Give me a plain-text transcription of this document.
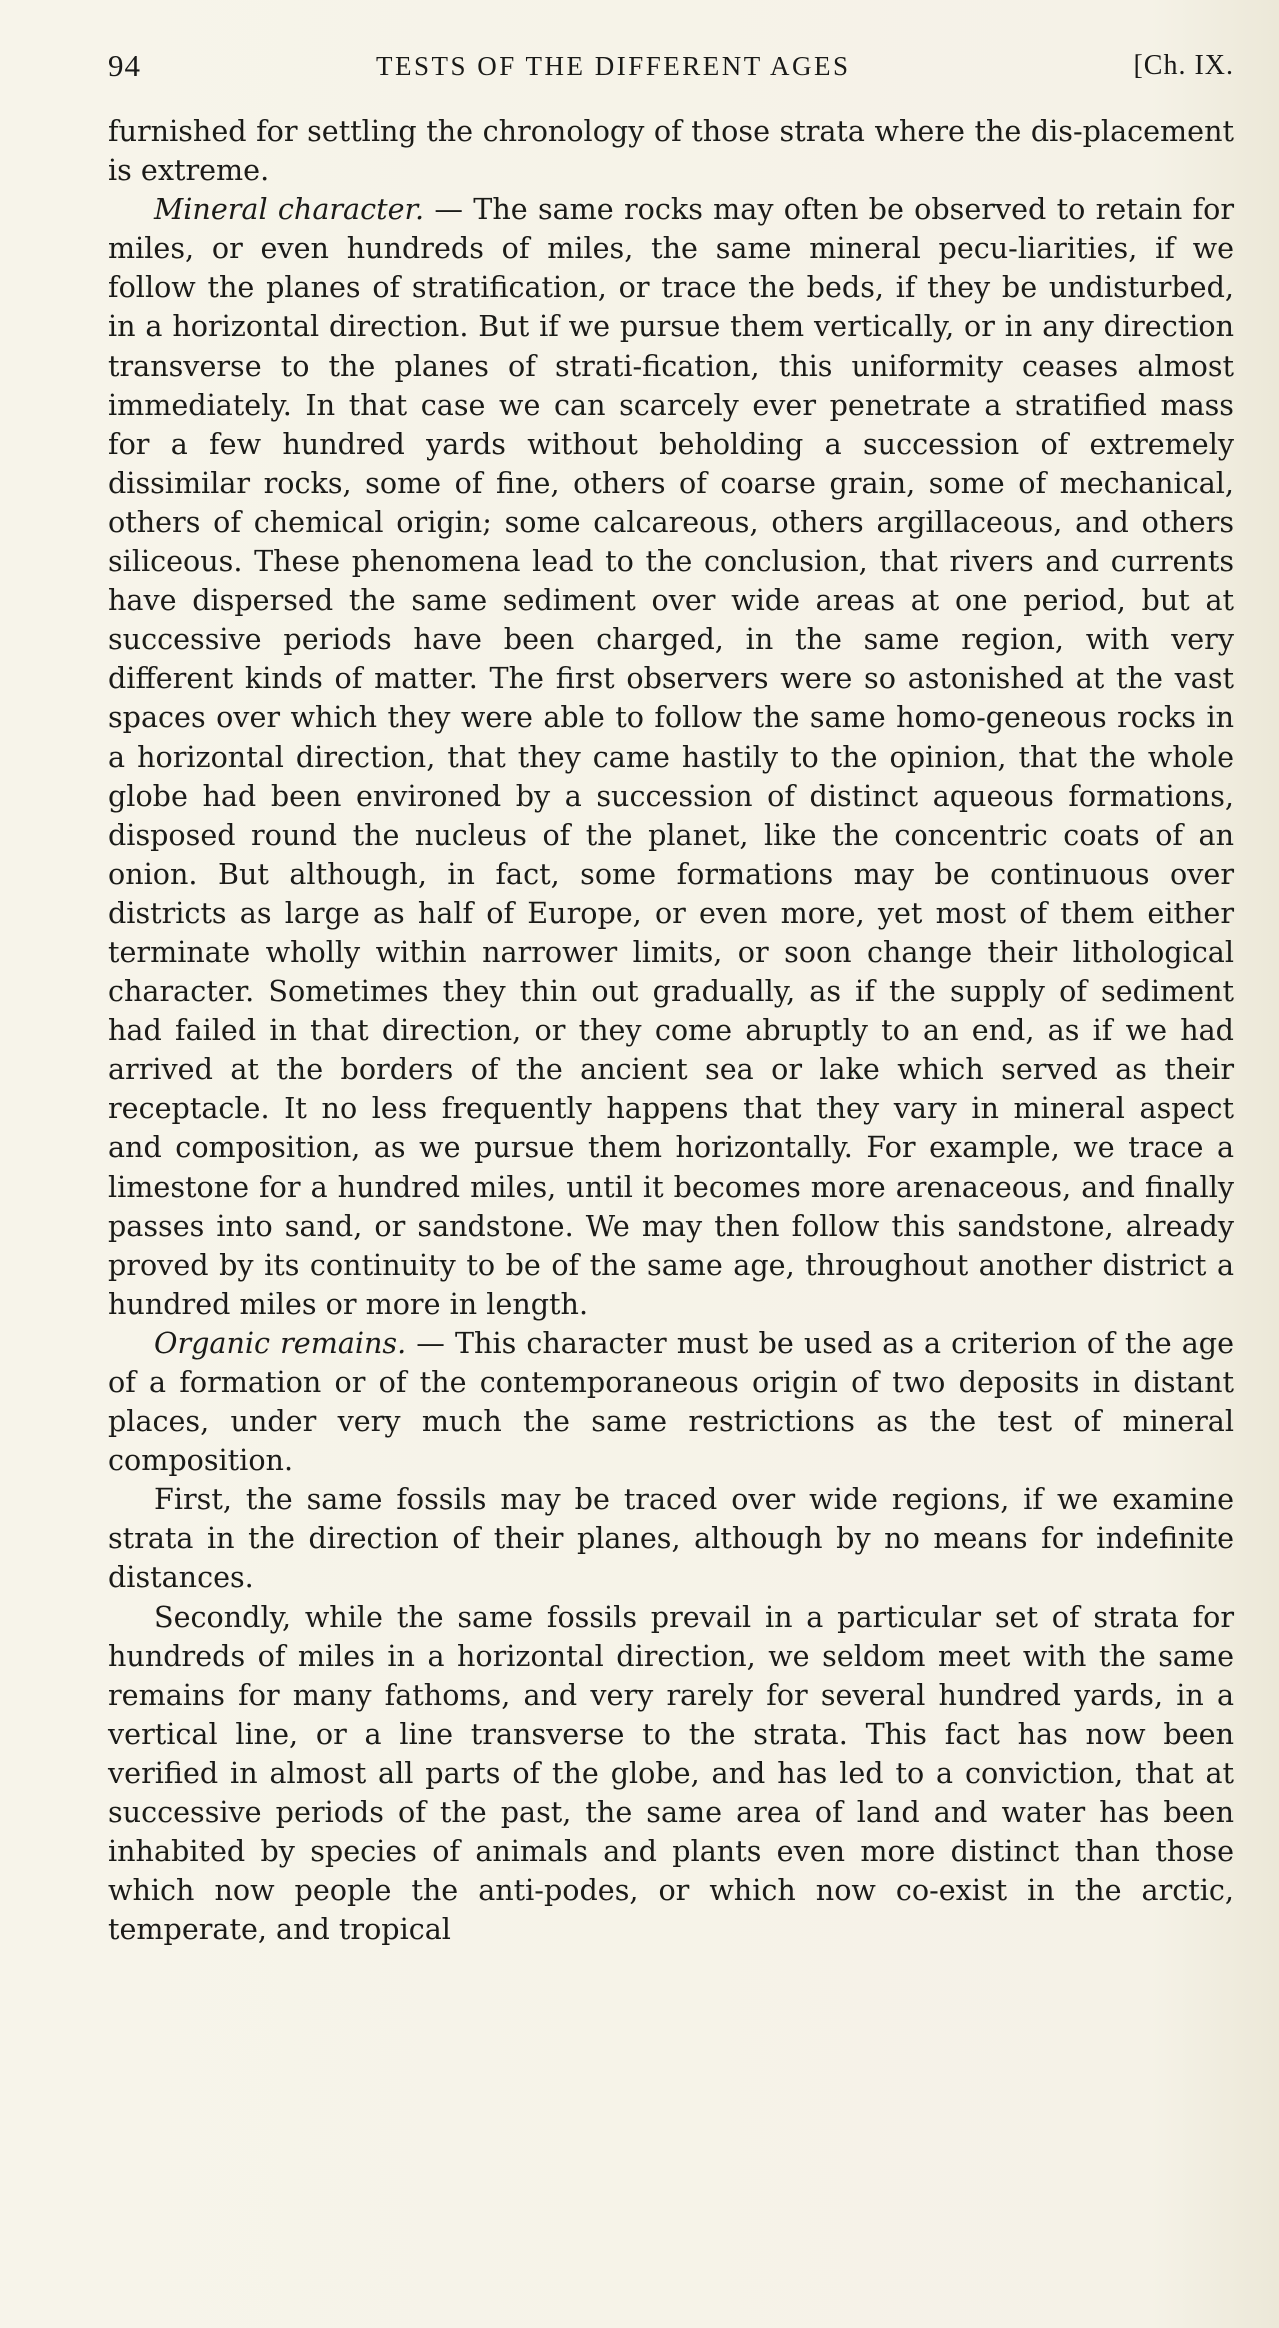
94	TESTS OF THE DIFFERENT AGES	[Ch. IX.

furnished for settling the chronology of those strata where the dis-placement is extreme.

Mineral character. — The same rocks may often be observed to retain for miles, or even hundreds of miles, the same mineral pecu-liarities, if we follow the planes of stratification, or trace the beds, if they be undisturbed, in a horizontal direction. But if we pursue them vertically, or in any direction transverse to the planes of strati-fication, this uniformity ceases almost immediately. In that case we can scarcely ever penetrate a stratified mass for a few hundred yards without beholding a succession of extremely dissimilar rocks, some of fine, others of coarse grain, some of mechanical, others of chemical origin; some calcareous, others argillaceous, and others siliceous. These phenomena lead to the conclusion, that rivers and currents have dispersed the same sediment over wide areas at one period, but at successive periods have been charged, in the same region, with very different kinds of matter. The first observers were so astonished at the vast spaces over which they were able to follow the same homo-geneous rocks in a horizontal direction, that they came hastily to the opinion, that the whole globe had been environed by a succession of distinct aqueous formations, disposed round the nucleus of the planet, like the concentric coats of an onion. But although, in fact, some formations may be continuous over districts as large as half of Europe, or even more, yet most of them either terminate wholly within narrower limits, or soon change their lithological character. Sometimes they thin out gradually, as if the supply of sediment had failed in that direction, or they come abruptly to an end, as if we had arrived at the borders of the ancient sea or lake which served as their receptacle. It no less frequently happens that they vary in mineral aspect and composition, as we pursue them horizontally. For example, we trace a limestone for a hundred miles, until it becomes more arenaceous, and finally passes into sand, or sandstone. We may then follow this sandstone, already proved by its continuity to be of the same age, throughout another district a hundred miles or more in length.

Organic remains. — This character must be used as a criterion of the age of a formation or of the contemporaneous origin of two deposits in distant places, under very much the same restrictions as the test of mineral composition.

First, the same fossils may be traced over wide regions, if we examine strata in the direction of their planes, although by no means for indefinite distances.

Secondly, while the same fossils prevail in a particular set of strata for hundreds of miles in a horizontal direction, we seldom meet with the same remains for many fathoms, and very rarely for several hundred yards, in a vertical line, or a line transverse to the strata. This fact has now been verified in almost all parts of the globe, and has led to a conviction, that at successive periods of the past, the same area of land and water has been inhabited by species of animals and plants even more distinct than those which now people the anti-podes, or which now co-exist in the arctic, temperate, and tropical
